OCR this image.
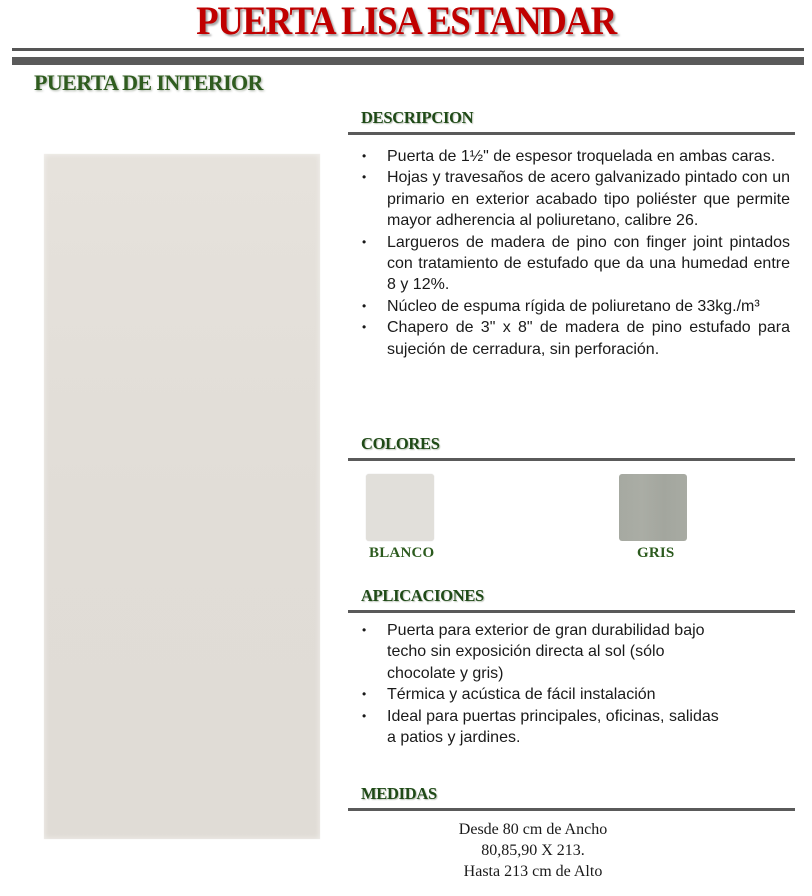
PUERTA LISA ESTANDAR
PUERTA DE INTERIOR
DESCRIPCION
• Puerta de 1½" de espesor troquelada en ambas caras.
• Hojas y travesaños de acero galvanizado pintado con un primario en exterior acabado tipo poliéster que permite mayor adherencia al poliuretano, calibre 26.
• Largueros de madera de pino con finger joint pintados con tratamiento de estufado que da una humedad entre 8 y 12%.
• Núcleo de espuma rígida de poliuretano de 33kg./m³
• Chapero de 3" x 8" de madera de pino estufado para sujeción de cerradura, sin perforación.
COLORES
BLANCO	GRIS
APLICACIONES
• Puerta para exterior de gran durabilidad bajo techo sin exposición directa al sol (sólo chocolate y gris)
• Térmica y acústica de fácil instalación
• Ideal para puertas principales, oficinas, salidas a patios y jardines.
MEDIDAS
Desde 80 cm de Ancho
80,85,90 X 213.
Hasta 213 cm de Alto
